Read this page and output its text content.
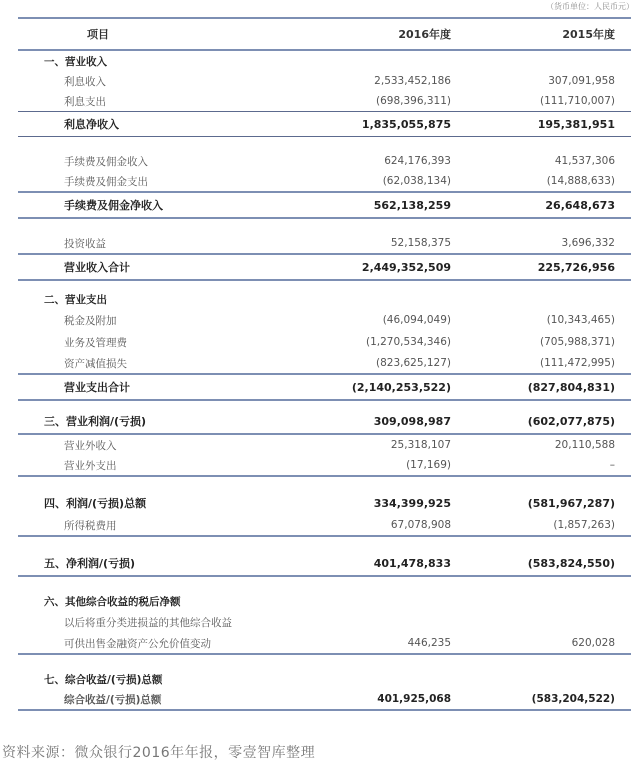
（货币单位：人民币元）
项目	2016年度	2015年度
一、营业收入
利息收入	2,533,452,186	307,091,958
利息支出	(698,396,311)	(111,710,007)
利息净收入	1,835,055,875	195,381,951
手续费及佣金收入	624,176,393	41,537,306
手续费及佣金支出	(62,038,134)	(14,888,633)
手续费及佣金净收入	562,138,259	26,648,673
投资收益	52,158,375	3,696,332
营业收入合计	2,449,352,509	225,726,956
二、营业支出
税金及附加	(46,094,049)	(10,343,465)
业务及管理费	(1,270,534,346)	(705,988,371)
资产减值损失	(823,625,127)	(111,472,995)
营业支出合计	(2,140,253,522)	(827,804,831)
三、营业利润/(亏损)	309,098,987	(602,077,875)
营业外收入	25,318,107	20,110,588
营业外支出	(17,169)	–
四、利润/(亏损)总额	334,399,925	(581,967,287)
所得税费用	67,078,908	(1,857,263)
五、净利润/(亏损)	401,478,833	(583,824,550)
六、其他综合收益的税后净额
以后将重分类进损益的其他综合收益
可供出售金融资产公允价值变动	446,235	620,028
七、综合收益/(亏损)总额
综合收益/(亏损)总额	401,925,068	(583,204,522)
资料来源：微众银行2016年年报，零壹智库整理
